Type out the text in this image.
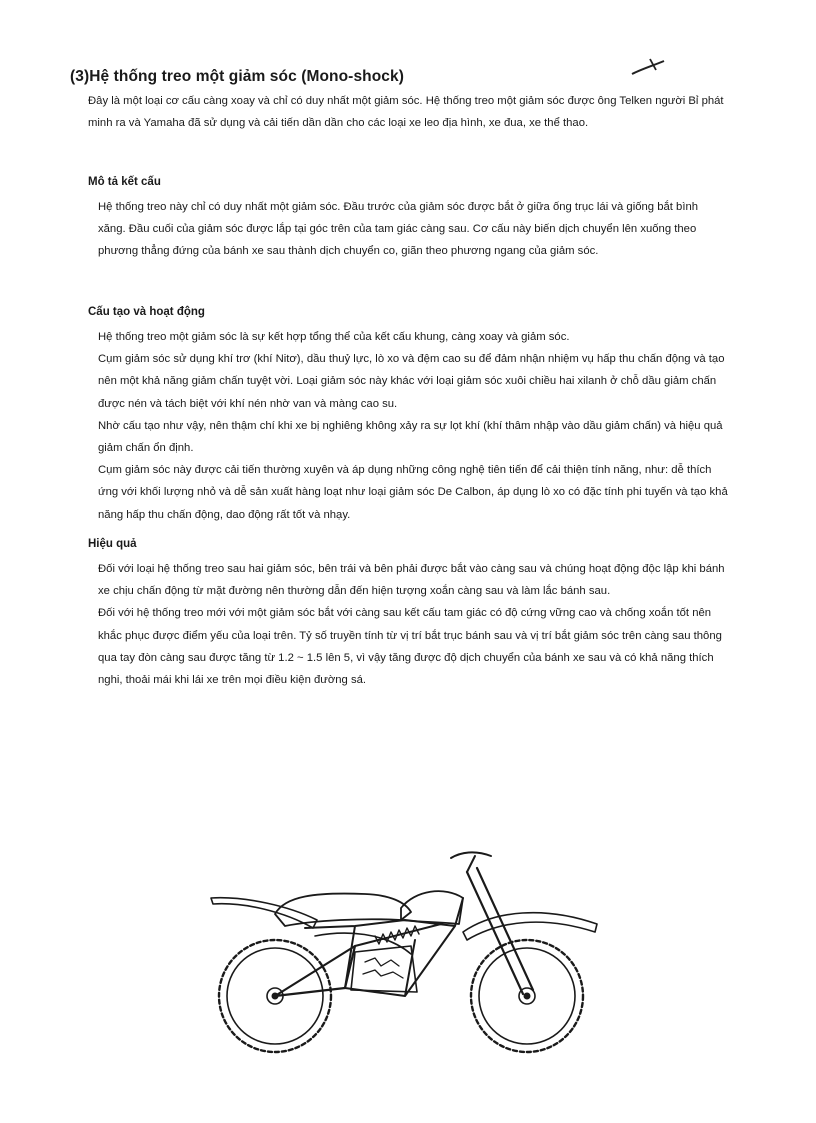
(3)Hệ thống treo một giảm sóc (Mono-shock)

Đây là một loại cơ cấu càng xoay và chỉ có duy nhất một giảm sóc. Hệ thống treo một giảm sóc được ông Telken người Bỉ phát minh ra và Yamaha đã sử dụng và cải tiến dần dần cho các loại xe leo địa hình, xe đua, xe thể thao.

Mô tả kết cấu

Hệ thống treo này chỉ có duy nhất một giảm sóc. Đầu trước của giảm sóc được bắt ở giữa ống trục lái và giống bắt bình xăng. Đầu cuối của giảm sóc được lắp tại góc trên của tam giác càng sau. Cơ cấu này biến dịch chuyển lên xuống theo phương thẳng đứng của bánh xe sau thành dịch chuyển co, giãn theo phương ngang của giảm sóc.

Cấu tạo và hoạt động

Hệ thống treo một giảm sóc là sự kết hợp tổng thể của kết cấu khung, càng xoay và giảm sóc.

Cụm giảm sóc sử dụng khí trơ (khí Nitơ), dầu thuỷ lực, lò xo và đệm cao su để đảm nhận nhiệm vụ hấp thu chấn động và tạo nên một khả năng giảm chấn tuyệt vời. Loại giảm sóc này khác với loại giảm sóc xuôi chiều hai xilanh ở chỗ dầu giảm chấn được nén và tách biệt với khí nén nhờ van và màng cao su.

Nhờ cấu tạo như vậy, nên thậm chí khi xe bị nghiêng không xảy ra sự lọt khí (khí thâm nhập vào dầu giảm chấn) và hiệu quả giảm chấn ổn định.

Cụm giảm sóc này được cải tiến thường xuyên và áp dụng những công nghệ tiên tiến để cải thiện tính năng, như: dễ thích ứng với khối lượng nhỏ và dễ sản xuất hàng loạt như loại giảm sóc De Calbon, áp dụng lò xo có đặc tính phi tuyến và tạo khả năng hấp thu chấn động, dao động rất tốt và nhạy.

Hiệu quả

Đối với loại hệ thống treo sau hai giảm sóc, bên trái và bên phải được bắt vào càng sau và chúng hoạt động độc lập khi bánh xe chịu chấn động từ mặt đường nên thường dẫn đến hiện tượng xoắn càng sau và làm lắc bánh sau.

Đối với hệ thống treo mới với một giảm sóc bắt với càng sau kết cấu tam giác có độ cứng vững cao và chống xoắn tốt nên khắc phục được điểm yếu của loại trên. Tỷ số truyền tính từ vị trí bắt trục bánh sau và vị trí bắt giảm sóc trên càng sau thông qua tay đòn càng sau được tăng từ 1.2 ~ 1.5 lên 5, vì vậy tăng được độ dịch chuyển của bánh xe sau và có khả năng thích nghi, thoải mái khi lái xe trên mọi điều kiện đường sá.
